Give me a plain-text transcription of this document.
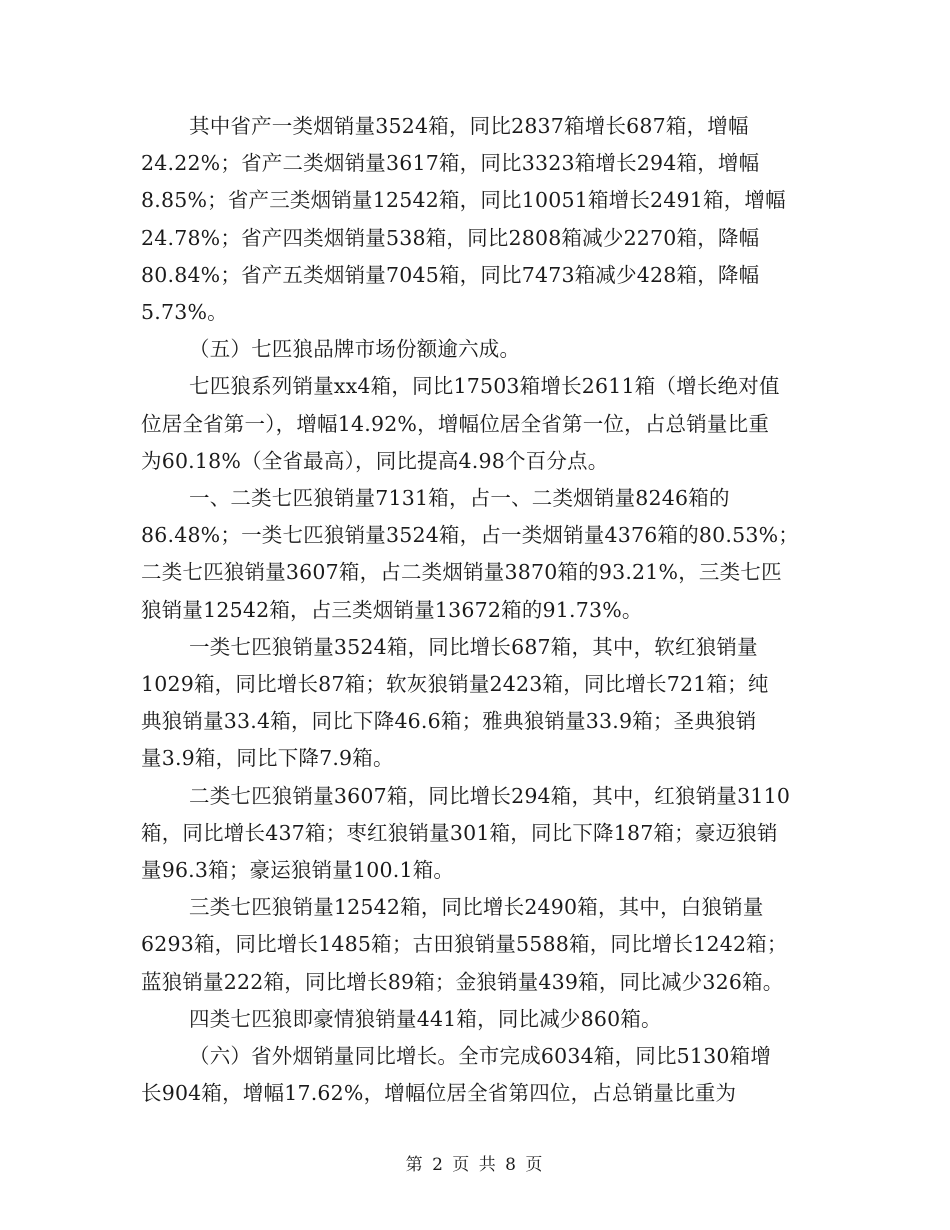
其中省产一类烟销量3524箱，同比2837箱增长687箱，增幅
24.22%；省产二类烟销量3617箱，同比3323箱增长294箱，增幅
8.85%；省产三类烟销量12542箱，同比10051箱增长2491箱，增幅
24.78%；省产四类烟销量538箱，同比2808箱减少2270箱，降幅
80.84%；省产五类烟销量7045箱，同比7473箱减少428箱，降幅
5.73%。

（五）七匹狼品牌市场份额逾六成。

七匹狼系列销量xx4箱，同比17503箱增长2611箱（增长绝对值
位居全省第一），增幅14.92%，增幅位居全省第一位，占总销量比重
为60.18%（全省最高），同比提高4.98个百分点。

一、二类七匹狼销量7131箱，占一、二类烟销量8246箱的
86.48%；一类七匹狼销量3524箱，占一类烟销量4376箱的80.53%；
二类七匹狼销量3607箱，占二类烟销量3870箱的93.21%，三类七匹
狼销量12542箱，占三类烟销量13672箱的91.73%。

一类七匹狼销量3524箱，同比增长687箱，其中，软红狼销量
1029箱，同比增长87箱；软灰狼销量2423箱，同比增长721箱；纯
典狼销量33.4箱，同比下降46.6箱；雅典狼销量33.9箱；圣典狼销
量3.9箱，同比下降7.9箱。

二类七匹狼销量3607箱，同比增长294箱，其中，红狼销量3110
箱，同比增长437箱；枣红狼销量301箱，同比下降187箱；豪迈狼销
量96.3箱；豪运狼销量100.1箱。

三类七匹狼销量12542箱，同比增长2490箱，其中，白狼销量
6293箱，同比增长1485箱；古田狼销量5588箱，同比增长1242箱；
蓝狼销量222箱，同比增长89箱；金狼销量439箱，同比减少326箱。

四类七匹狼即豪情狼销量441箱，同比减少860箱。

（六）省外烟销量同比增长。全市完成6034箱，同比5130箱增
长904箱，增幅17.62%，增幅位居全省第四位，占总销量比重为

第 2 页 共 8 页
